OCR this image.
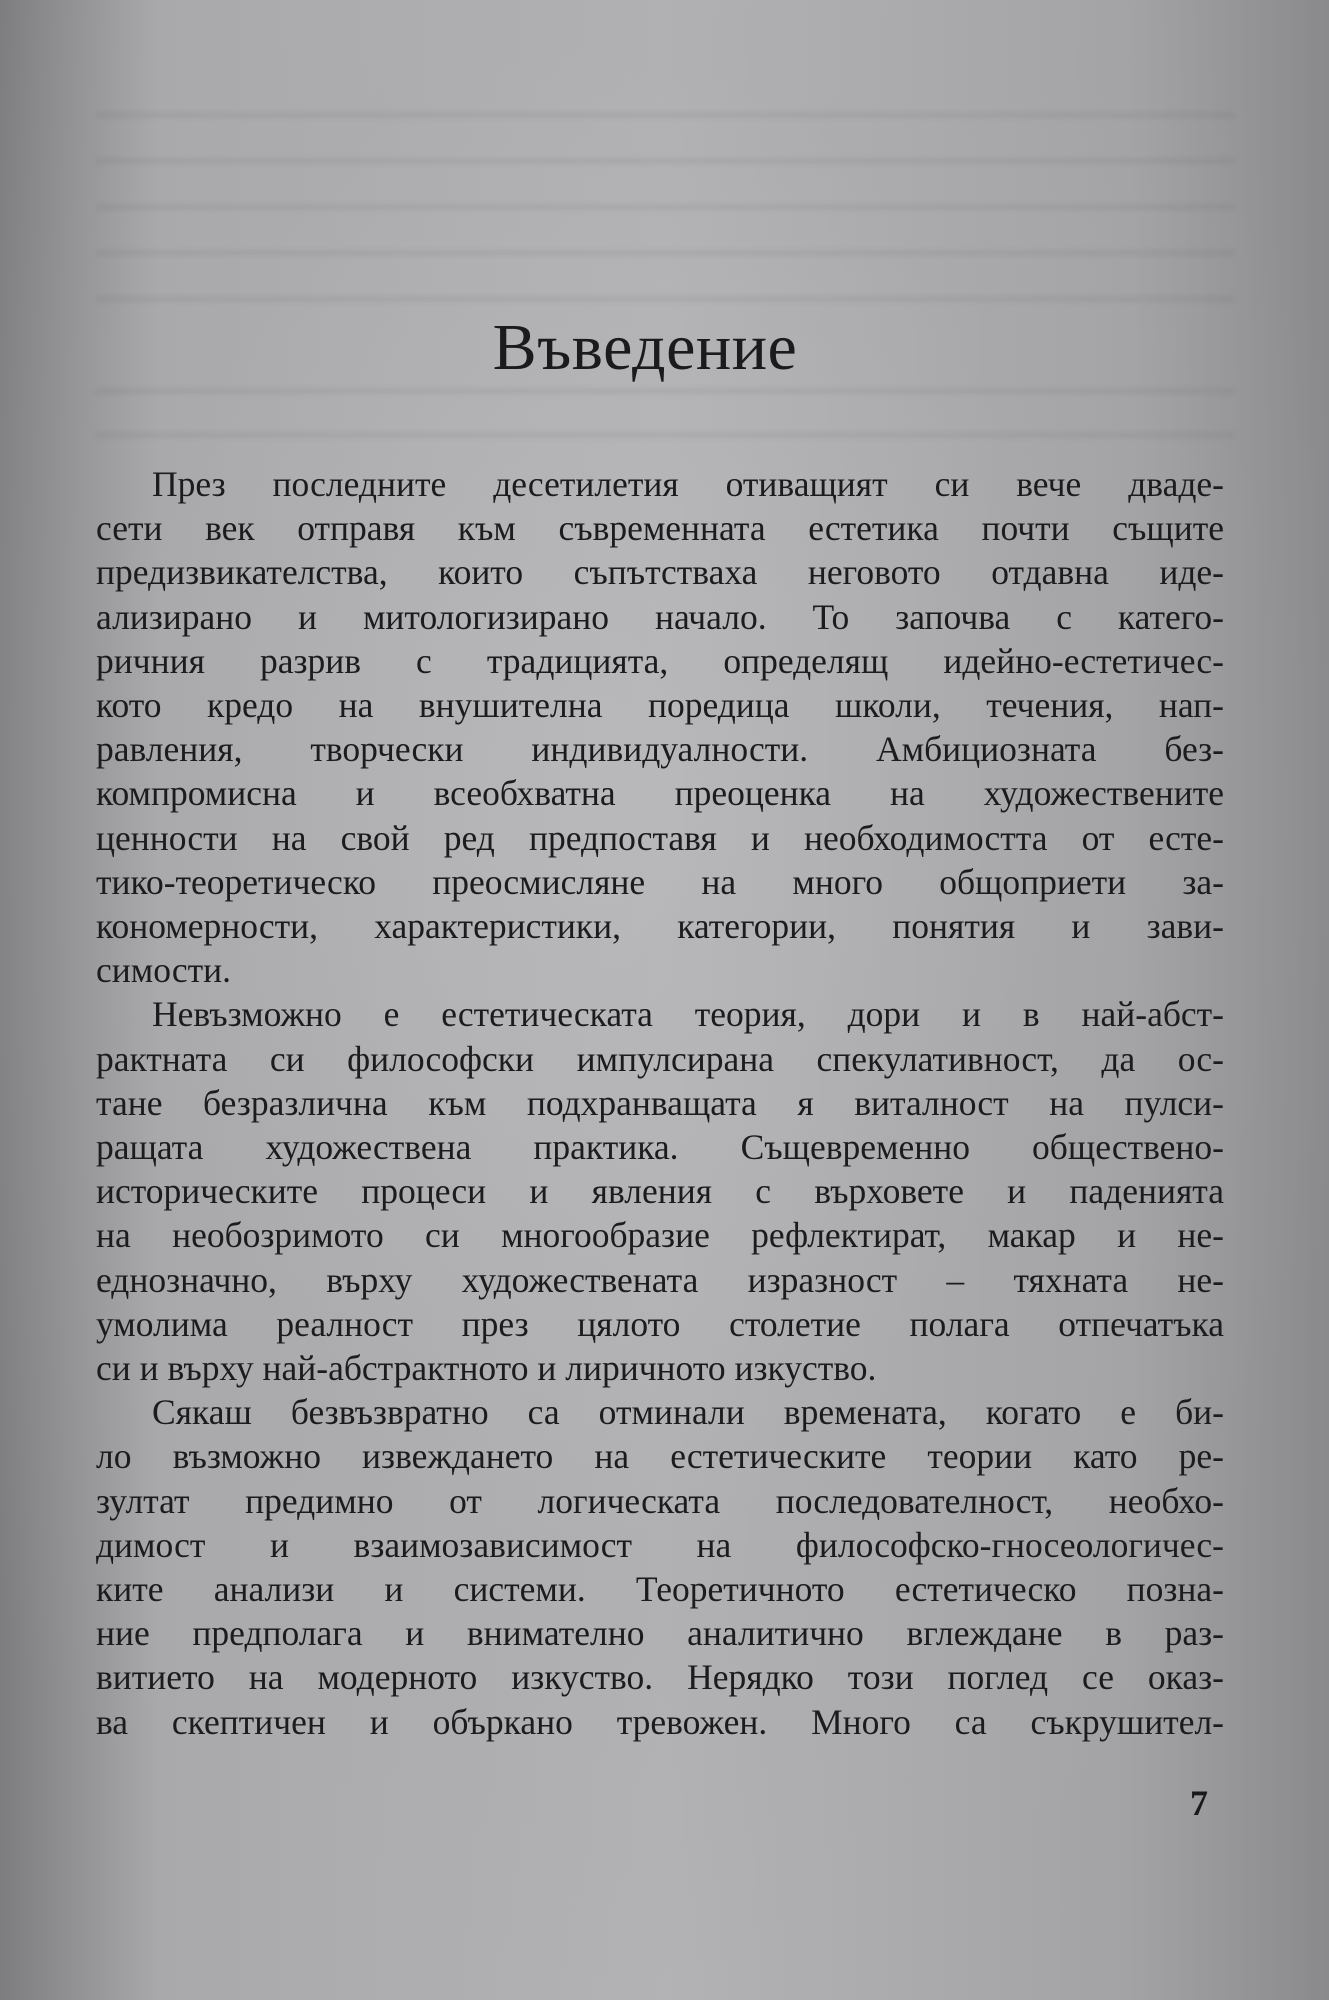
Въведение

През последните десетилетия отиващият си вече дваде-
сети век отправя към съвременната естетика почти същите
предизвикателства, които съпътстваха неговото отдавна иде-
ализирано и митологизирано начало. То започва с катего-
ричния разрив с традицията, определящ идейно-естетичес-
кото кредо на внушителна поредица школи, течения, нап-
равления, творчески индивидуалности. Амбициозната без-
компромисна и всеобхватна преоценка на художествените
ценности на свой ред предпоставя и необходимостта от есте-
тико-теоретическо преосмисляне на много общоприети за-
кономерности, характеристики, категории, понятия и зави-
симости.

Невъзможно е естетическата теория, дори и в най-абст-
рактната си философски импулсирана спекулативност, да ос-
тане безразлична към подхранващата я виталност на пулси-
ращата художествена практика. Същевременно обществено-
историческите процеси и явления с върховете и паденията
на необозримото си многообразие рефлектират, макар и не-
еднозначно, върху художествената изразност – тяхната не-
умолима реалност през цялото столетие полага отпечатъка
си и върху най-абстрактното и лиричното изкуство.

Сякаш безвъзвратно са отминали времената, когато е би-
ло възможно извеждането на естетическите теории като ре-
зултат предимно от логическата последователност, необхо-
димост и взаимозависимост на философско-гносеологичес-
ките анализи и системи. Теоретичното естетическо позна-
ние предполага и внимателно аналитично вглеждане в раз-
витието на модерното изкуство. Нерядко този поглед се оказ-
ва скептичен и объркано тревожен. Много са съкрушител-

7
